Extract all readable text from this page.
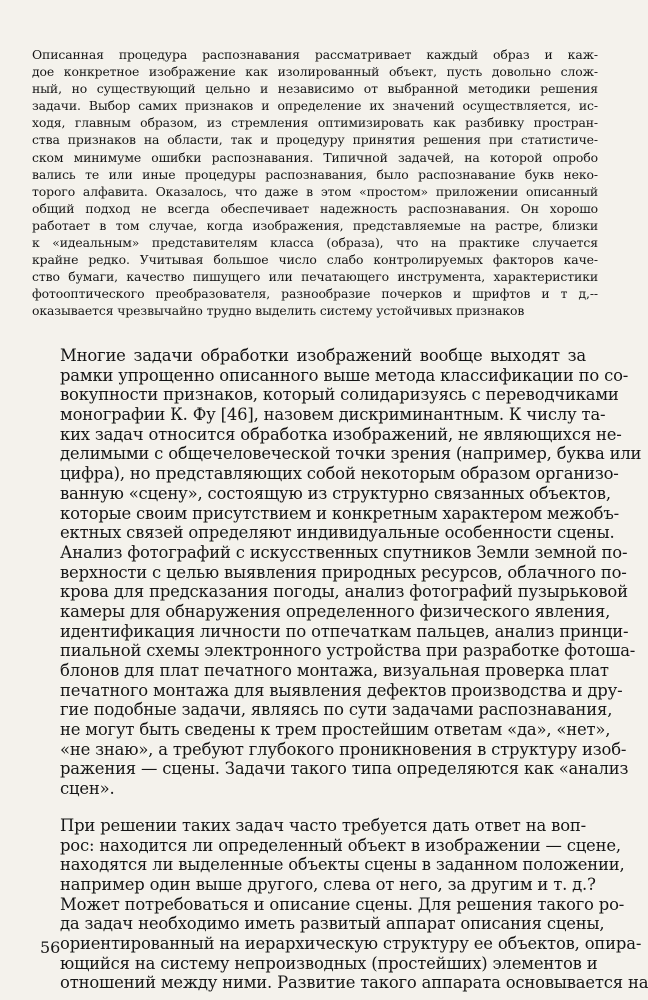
Описанная процедура распознавания рассматривает каждый образ и каж-
дое конкретное изображение как изолированный объект, пусть довольно слож-
ный, но существующий цельно и независимо от выбранной методики решения
задачи. Выбор самих признаков и определение их значений осуществляется, ис-
ходя, главным образом, из стремления оптимизировать как разбивку простран-
ства признаков на области, так и процедуру принятия решения при статистиче-
ском минимуме ошибки распознавания. Типичной задачей, на которой опробо
вались те или иные процедуры распознавания, было распознавание букв неко-
торого алфавита. Оказалось, что даже в этом «простом» приложении описанный
общий подход не всегда обеспечивает надежность распознавания. Он хорошо
работает в том случае, когда изображения, представляемые на растре, близки
к «идеальным» представителям класса (образа), что на практике случается
крайне редко. Учитывая большое число слабо контролируемых факторов каче-
ство бумаги, качество пишущего или печатающего инструмента, характеристики
фотооптического преобразователя, разнообразие почерков и шрифтов и т д,--
оказывается чрезвычайно трудно выделить систему устойчивых признаков
Многие задачи обработки изображений вообще выходят за
рамки упрощенно описанного выше метода классификации по со-
вокупности признаков, который солидаризуясь с переводчиками
монографии К. Фу [46], назовем дискриминантным. К числу та-
ких задач относится обработка изображений, не являющихся не-
делимыми с общечеловеческой точки зрения (например, буква или
цифра), но представляющих собой некоторым образом организо-
ванную «сцену», состоящую из структурно связанных объектов,
которые своим присутствием и конкретным характером межобъ-
ектных связей определяют индивидуальные особенности сцены.
Анализ фотографий с искусственных спутников Земли земной по-
верхности с целью выявления природных ресурсов, облачного по-
крова для предсказания погоды, анализ фотографий пузырьковой
камеры для обнаружения определенного физического явления,
идентификация личности по отпечаткам пальцев, анализ принци-
пиальной схемы электронного устройства при разработке фотоша-
блонов для плат печатного монтажа, визуальная проверка плат
печатного монтажа для выявления дефектов производства и дру-
гие подобные задачи, являясь по сути задачами распознавания,
не могут быть сведены к трем простейшим ответам «да», «нет»,
«не знаю», а требуют глубокого проникновения в структуру изоб-
ражения — сцены. Задачи такого типа определяются как «анализ
сцен».
При решении таких задач часто требуется дать ответ на воп-
рос: находится ли определенный объект в изображении — сцене,
находятся ли выделенные объекты сцены в заданном положении,
например один выше другого, слева от него, за другим и т. д.?
Может потребоваться и описание сцены. Для решения такого ро-
да задач необходимо иметь развитый аппарат описания сцены,
ориентированный на иерархическую структуру ее объектов, опира-
ющийся на систему непроизводных (простейших) элементов и
отношений между ними. Развитие такого аппарата основывается на
56
